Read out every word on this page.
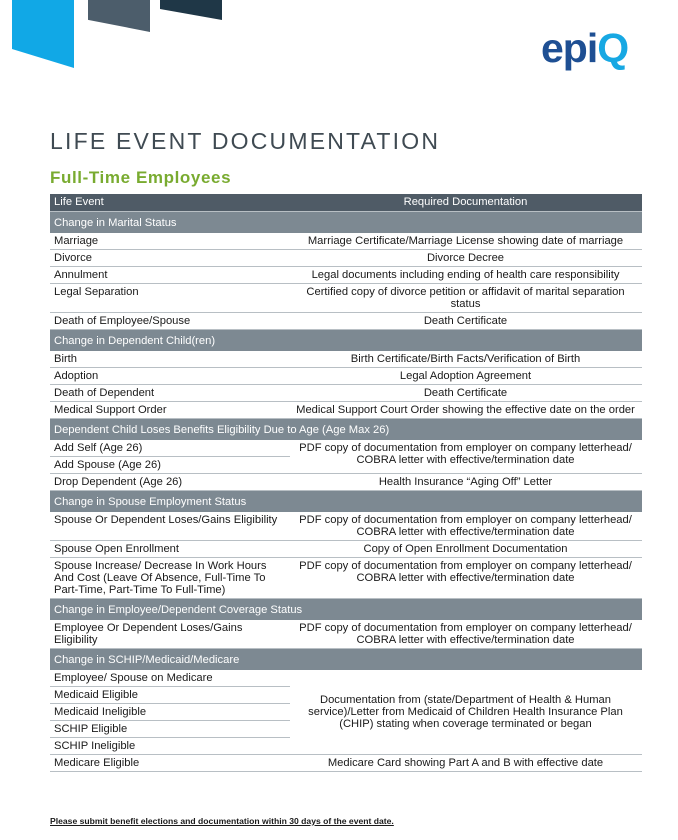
epiQ
LIFE EVENT DOCUMENTATION
Full-Time Employees
Life Event	Required Documentation
Change in Marital Status	
Marriage	Marriage Certificate/Marriage License showing date of marriage
Divorce	Divorce Decree
Annulment	Legal documents including ending of health care responsibility
Legal Separation	Certified copy of divorce petition or affidavit of marital separation status
Death of Employee/Spouse	Death Certificate
Change in Dependent Child(ren)	
Birth	Birth Certificate/Birth Facts/Verification of Birth
Adoption	Legal Adoption Agreement
Death of Dependent	Death Certificate
Medical Support Order	Medical Support Court Order showing the effective date on the order
Dependent Child Loses Benefits Eligibility Due to Age (Age Max 26)	
Add Self (Age 26)	PDF copy of documentation from employer on company letterhead/ COBRA letter with effective/termination date
Add Spouse (Age 26)	
Drop Dependent (Age 26)	Health Insurance “Aging Off” Letter
Change in Spouse Employment Status	
Spouse Or Dependent Loses/Gains Eligibility	PDF copy of documentation from employer on company letterhead/ COBRA letter with effective/termination date
Spouse Open Enrollment	Copy of Open Enrollment Documentation
Spouse Increase/ Decrease In Work Hours And Cost (Leave Of Absence, Full-Time To Part-Time, Part-Time To Full-Time)	PDF copy of documentation from employer on company letterhead/ COBRA letter with effective/termination date
Change in Employee/Dependent Coverage Status	
Employee Or Dependent Loses/Gains Eligibility	PDF copy of documentation from employer on company letterhead/ COBRA letter with effective/termination date
Change in SCHIP/Medicaid/Medicare	
Employee/ Spouse on Medicare	Documentation from (state/Department of Health & Human service)/Letter from Medicaid of Children Health Insurance Plan (CHIP) stating when coverage terminated or began
Medicaid Eligible	
Medicaid Ineligible	
SCHIP Eligible	
SCHIP Ineligible	
Medicare Eligible	Medicare Card showing Part A and B with effective date
Please submit benefit elections and documentation within 30 days of the event date.
